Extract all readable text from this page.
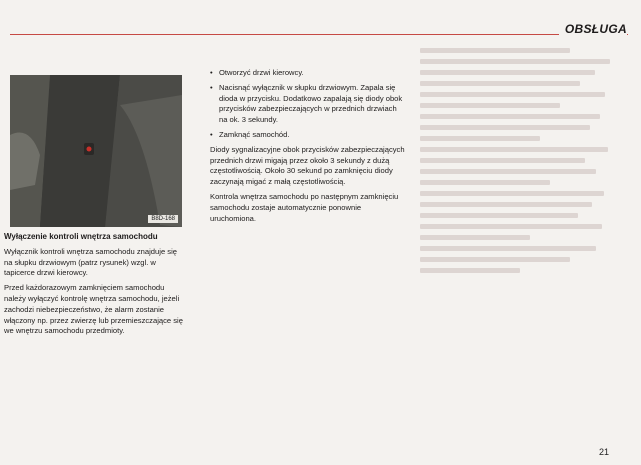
OBSŁUGA
B8D-168
Wyłączenie kontroli wnętrza samochodu

Wyłącznik kontroli wnętrza samochodu znajduje się na słupku drzwiowym (patrz rysunek) wzgl. w tapicerce drzwi kierowcy.

Przed każdorazowym zamknięciem samochodu należy wyłączyć kontrolę wnętrza samochodu, jeżeli zachodzi niebezpieczeństwo, że alarm zostanie włączony np. przez zwierzę lub przemieszczające się we wnętrzu samochodu przedmioty.

• Otworzyć drzwi kierowcy.
• Nacisnąć wyłącznik w słupku drzwiowym. Zapala się dioda w przycisku. Dodatkowo zapalają się diody obok przycisków zabezpieczających w przednich drzwiach na ok. 3 sekundy.
• Zamknąć samochód.

Diody sygnalizacyjne obok przycisków zabezpieczających przednich drzwi migają przez około 3 sekundy z dużą częstotliwością. Około 30 sekund po zamknięciu diody zaczynają migać z małą częstotliwością.

Kontrola wnętrza samochodu po następnym zamknięciu samochodu zostaje automatycznie ponownie uruchomiona.

21
